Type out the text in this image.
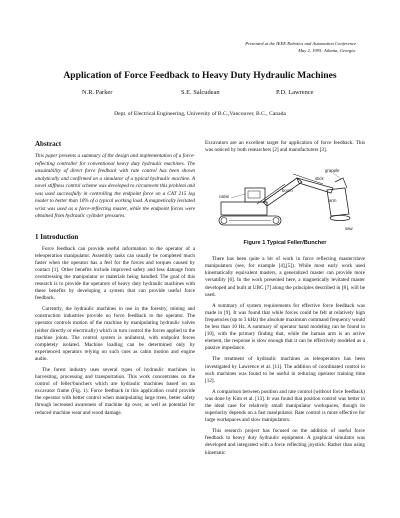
Presented at the IEEE Robotics and Automation Conference
May 2, 1995: Atlanta, Georgia.
Application of Force Feedback to Heavy Duty Hydraulic Machines
N.R. Parker	S.E. Salcudean	P.D. Lawrence
Dept. of Electrical Engineering, University of B.C.,Vancouver, B.C., Canada
Abstract

This paper presents a summary of the design and implementation of a force-reflecting controller for conventional heavy duty hydraulic machines. The unsuitability of direct force feedback with rate control has been shown analytically and confirmed on a simulator of a typical hydraulic machine. A novel stiffness control scheme was developed to circumvent this problem and was used successfully in controlling the endpoint force on a CAT 215 log loader to better than 10% of a typical working load. A magnetically levitated wrist was used as a force-reflecting master, while the endpoint forces were obtained from hydraulic cylinder pressures.

1 Introduction

Force feedback can provide useful information to the operator of a teleoperation manipulator. Assembly tasks can usually be completed much faster when the operator has a feel for the forces and torques caused by contact [1]. Other benefits include improved safety and less damage from overstressing the manipulator or materials being handled. The goal of this research is to provide the operators of heavy duty hydraulic machines with these benefits by developing a system that can provide useful force feedback.

Currently, the hydraulic machines in use in the forestry, mining and construction industries provide no force feedback to the operator. The operator controls motion of the machine by manipulating hydraulic valves (either directly or electrically) which in turn control the forces applied to the machine joints. The control system is unilateral, with endpoint forces completely isolated. Machine loading can be determined only by experienced operators relying on such cues as cabin motion and engine audio.

The forest industry uses several types of hydraulic machines in harvesting, processing and transportation. This work concentrates on the control of feller/bunchers which are hydraulic machines based on an excavator frame (Fig. 1). Force feedback in this application could provide the operator with better control when manipulating large trees, better safety through increased awareness of machine tip over, as well as potential for reduced machine wear and wood damage.

Excavators are an excellent target for application of force feedback. This was noticed by both researchers [2] and manufacturers [3].

grapple
stick
boom
cabin
saw
arm
Figure 1 Typical Feller/Buncher

There has been quite a bit of work in force reflecting master/slave manipulators (see, for example [4],[5]). While most early work used kinematically equivalent masters, a generalized master can provide more versatility [6]. In the work presented here, a magnetically levitated master developed and built at UBC [7] along the principles described in [8], will be used.

A summary of system requirements for effective force feedback was made in [9]. It was found that while forces could be felt at relatively high frequencies (up to 3 kHz) the absolute maximum command frequency would be less than 10 Hz. A summary of operator hand modeling can be found in [10], with the primary finding that, while the human arm is an active element, the response is slow enough that it can be effectively modeled as a passive impedance.

The treatment of hydraulic machines as teleoperators has been investigated by Lawrence et al. [11]. The addition of coordinated control to such machines was found to be useful in reducing operator training time [12].

A comparison between position and rate control (without force feedback) was done by Kim et al. [13]. It was found that position control was better in the ideal case for relatively small manipulator workspaces, though its superiority depends on a fast manipulator. Rate control is more effective for large workspaces and slow manipulators.

This research project has focused on the addition of useful force feedback to heavy duty hydraulic equipment. A graphical simulator was developed and integrated with a force reflecting joystick. Rather than using kinematic
